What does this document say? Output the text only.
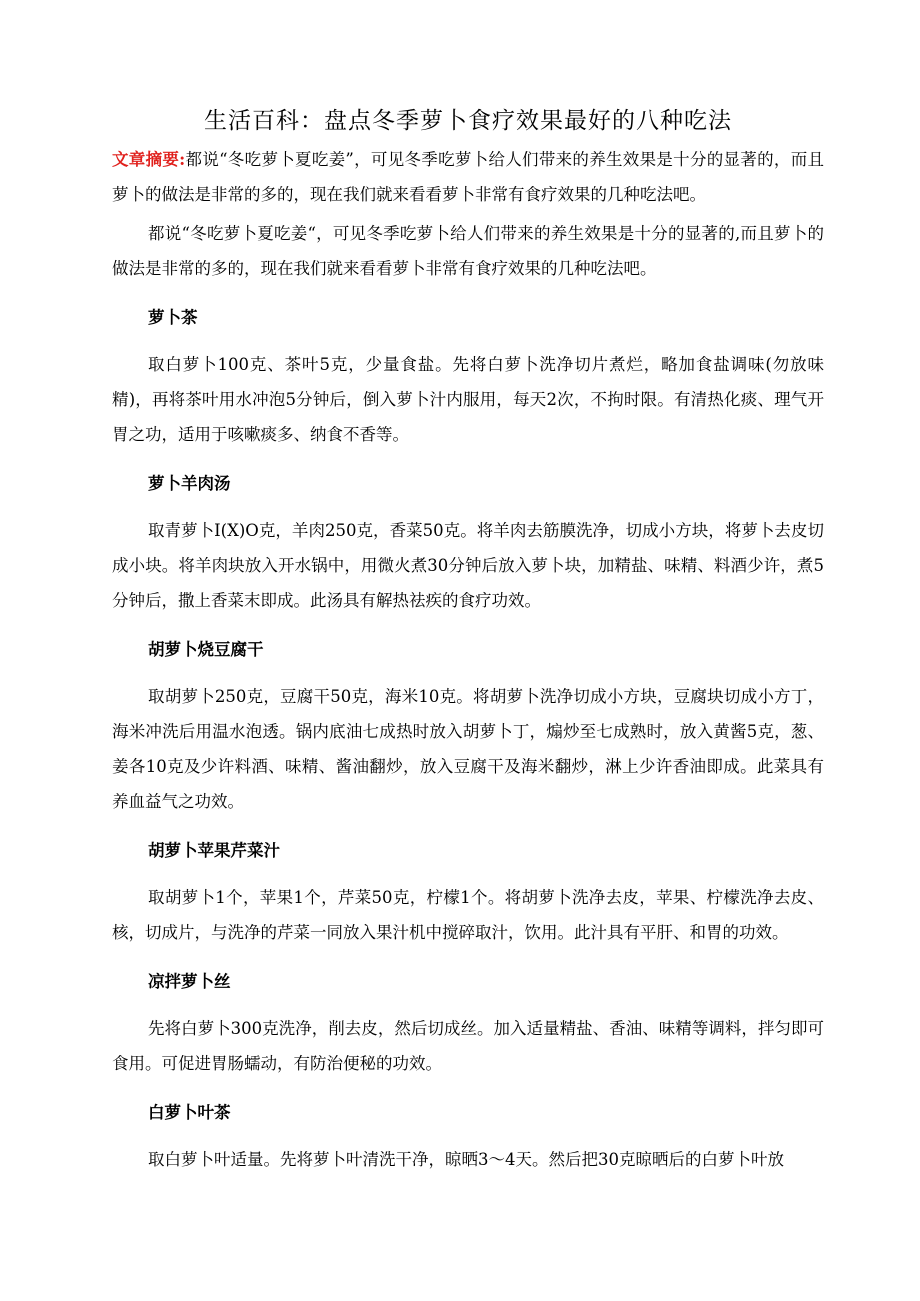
生活百科：盘点冬季萝卜食疗效果最好的八种吃法

文章摘要:都说“冬吃萝卜夏吃姜”，可见冬季吃萝卜给人们带来的养生效果是十分的显著的，而且萝卜的做法是非常的多的，现在我们就来看看萝卜非常有食疗效果的几种吃法吧。

都说“冬吃萝卜夏吃姜“，可见冬季吃萝卜给人们带来的养生效果是十分的显著的,而且萝卜的做法是非常的多的，现在我们就来看看萝卜非常有食疗效果的几种吃法吧。

萝卜茶

取白萝卜100克、茶叶5克，少量食盐。先将白萝卜洗净切片煮烂，略加食盐调味(勿放味精)，再将茶叶用水冲泡5分钟后，倒入萝卜汁内服用，每天2次，不拘时限。有清热化痰、理气开胃之功，适用于咳嗽痰多、纳食不香等。

萝卜羊肉汤

取青萝卜I(X)O克，羊肉250克，香菜50克。将羊肉去筋膜洗净，切成小方块，将萝卜去皮切成小块。将羊肉块放入开水锅中，用微火煮30分钟后放入萝卜块，加精盐、味精、料酒少许，煮5分钟后，撒上香菜末即成。此汤具有解热祛疾的食疗功效。

胡萝卜烧豆腐干

取胡萝卜250克，豆腐干50克，海米10克。将胡萝卜洗净切成小方块，豆腐块切成小方丁，海米冲洗后用温水泡透。锅内底油七成热时放入胡萝卜丁，煽炒至七成熟时，放入黄酱5克，葱、姜各10克及少许料酒、味精、酱油翻炒，放入豆腐干及海米翻炒，淋上少许香油即成。此菜具有养血益气之功效。

胡萝卜苹果芹菜汁

取胡萝卜1个，苹果1个，芹菜50克，柠檬1个。将胡萝卜洗净去皮，苹果、柠檬洗净去皮、核，切成片，与洗净的芹菜一同放入果汁机中搅碎取汁，饮用。此汁具有平肝、和胃的功效。

凉拌萝卜丝

先将白萝卜300克洗净，削去皮，然后切成丝。加入适量精盐、香油、味精等调料，拌匀即可食用。可促进胃肠蠕动，有防治便秘的功效。

白萝卜叶茶

取白萝卜叶适量。先将萝卜叶清洗干净，晾晒3～4天。然后把30克晾晒后的白萝卜叶放
